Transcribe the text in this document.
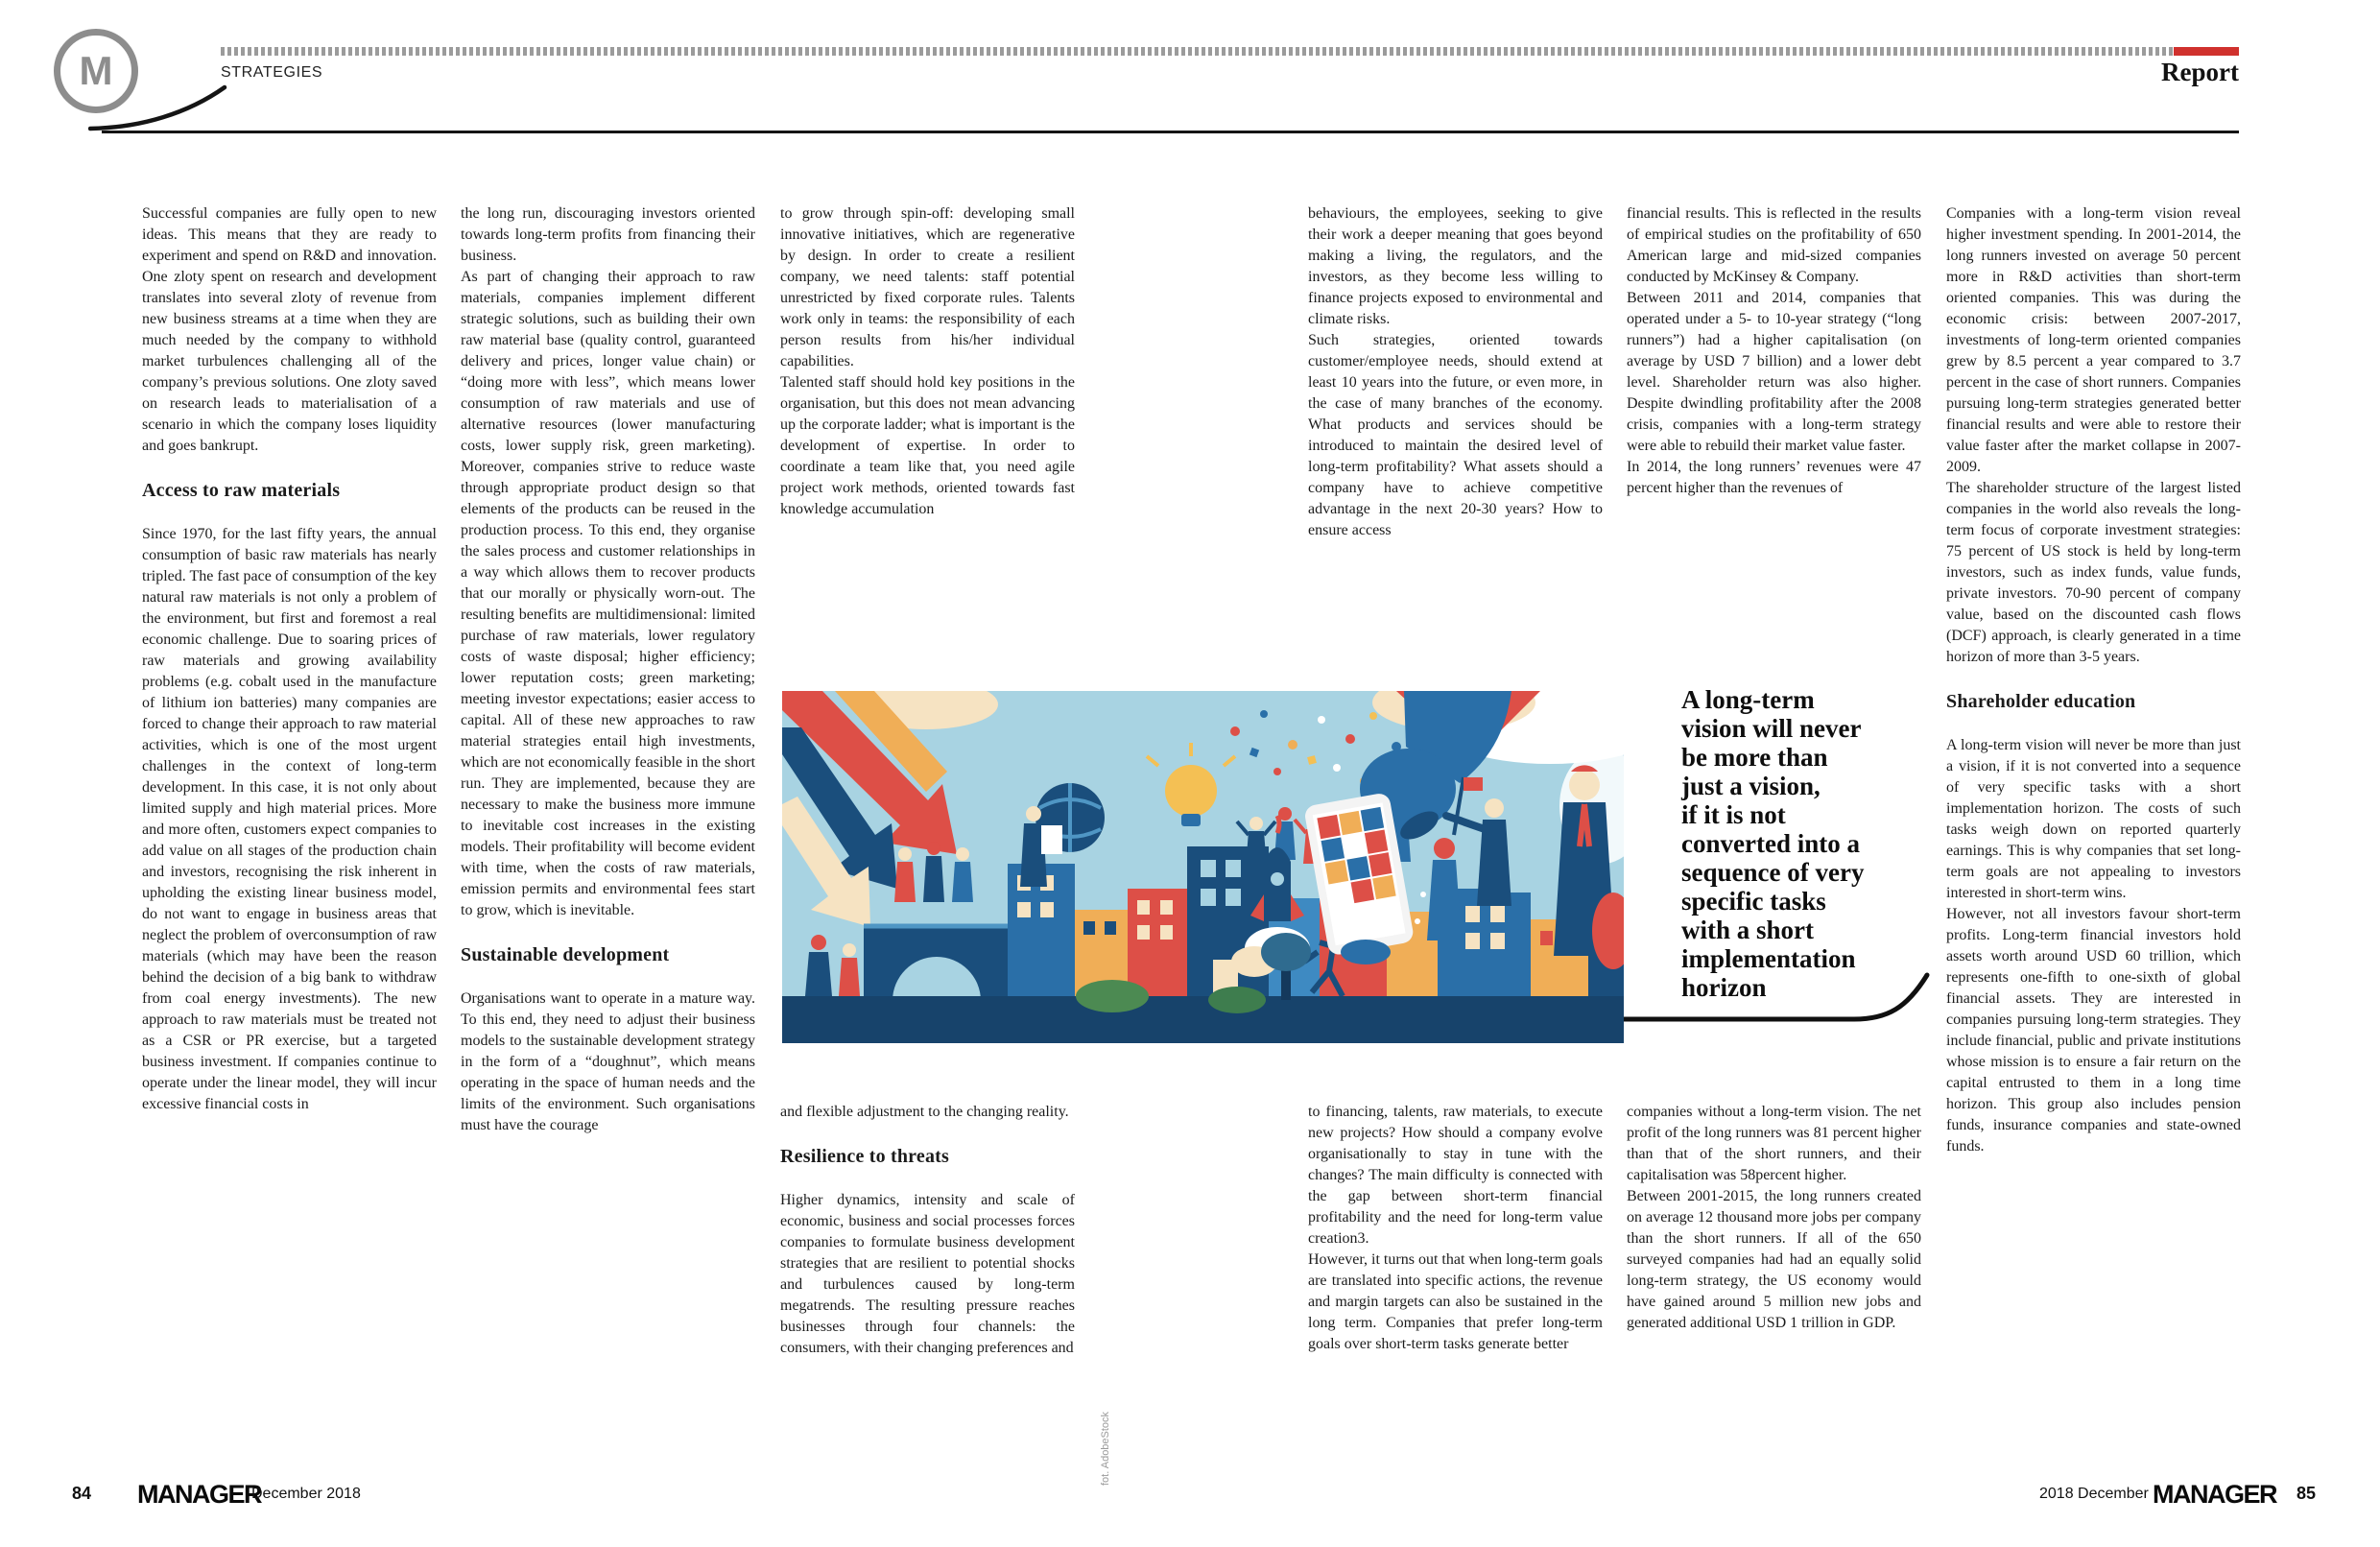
M	STRATEGIES	Report

Successful companies are fully open to new ideas. This means that they are ready to experiment and spend on R&D and innovation. One zloty spent on research and development translates into several zloty of revenue from new business streams at a time when they are much needed by the company to withhold market turbulences challenging all of the company’s previous solutions. One zloty saved on research leads to materialisation of a scenario in which the company loses liquidity and goes bankrupt.

Access to raw materials

Since 1970, for the last fifty years, the annual consumption of basic raw materials has nearly tripled. The fast pace of consumption of the key natural raw materials is not only a problem of the environment, but first and foremost a real economic challenge. Due to soaring prices of raw materials and growing availability problems (e.g. cobalt used in the manufacture of lithium ion batteries) many companies are forced to change their approach to raw material activities, which is one of the most urgent challenges in the context of long-term development. In this case, it is not only about limited supply and high material prices. More and more often, customers expect companies to add value on all stages of the production chain and investors, recognising the risk inherent in upholding the existing linear business model, do not want to engage in business areas that neglect the problem of overconsumption of raw materials (which may have been the reason behind the decision of a big bank to withdraw from coal energy investments). The new approach to raw materials must be treated not as a CSR or PR exercise, but a targeted business investment. If companies continue to operate under the linear model, they will incur excessive financial costs in

the long run, discouraging investors oriented towards long-term profits from financing their business.

As part of changing their approach to raw materials, companies implement different strategic solutions, such as building their own raw material base (quality control, guaranteed delivery and prices, longer value chain) or “doing more with less”, which means lower consumption of raw materials and use of alternative resources (lower manufacturing costs, lower supply risk, green marketing). Moreover, companies strive to reduce waste through appropriate product design so that elements of the products can be reused in the production process. To this end, they organise the sales process and customer relationships in a way which allows them to recover products that our morally or physically worn-out. The resulting benefits are multidimensional: limited purchase of raw materials, lower regulatory costs of waste disposal; higher efficiency; lower reputation costs; green marketing; meeting investor expectations; easier access to capital. All of these new approaches to raw material strategies entail high investments, which are not economically feasible in the short run. They are implemented, because they are necessary to make the business more immune to inevitable cost increases in the existing models. Their profitability will become evident with time, when the costs of raw materials, emission permits and environmental fees start to grow, which is inevitable.

Sustainable development

Organisations want to operate in a mature way. To this end, they need to adjust their business models to the sustainable development strategy in the form of a “doughnut”, which means operating in the space of human needs and the limits of the environment. Such organisations must have the courage

to grow through spin-off: developing small innovative initiatives, which are regenerative by design. In order to create a resilient company, we need talents: staff potential unrestricted by fixed corporate rules. Talents work only in teams: the responsibility of each person results from his/her individual capabilities.

Talented staff should hold key positions in the organisation, but this does not mean advancing up the corporate ladder; what is important is the development of expertise. In order to coordinate a team like that, you need agile project work methods, oriented towards fast knowledge accumulation

and flexible adjustment to the changing reality.

Resilience to threats

Higher dynamics, intensity and scale of economic, business and social processes forces companies to formulate business development strategies that are resilient to potential shocks and turbulences caused by long-term megatrends. The resulting pressure reaches businesses through four channels: the consumers, with their changing preferences and

behaviours, the employees, seeking to give their work a deeper meaning that goes beyond making a living, the regulators, and the investors, as they become less willing to finance projects exposed to environmental and climate risks.

Such strategies, oriented towards customer/employee needs, should extend at least 10 years into the future, or even more, in the case of many branches of the economy. What products and services should be introduced to maintain the desired level of long-term profitability? What assets should a company have to achieve competitive advantage in the next 20-30 years? How to ensure access

to financing, talents, raw materials, to execute new projects? How should a company evolve organisationally to stay in tune with the changes? The main difficulty is connected with the gap between short-term financial profitability and the need for long-term value creation3.

However, it turns out that when long-term goals are translated into specific actions, the revenue and margin targets can also be sustained in the long term. Companies that prefer long-term goals over short-term tasks generate better

financial results. This is reflected in the results of empirical studies on the profitability of 650 American large and mid-sized companies conducted by McKinsey & Company.

Between 2011 and 2014, companies that operated under a 5- to 10-year strategy (“long runners”) had a higher capitalisation (on average by USD 7 billion) and a lower debt level. Shareholder return was also higher. Despite dwindling profitability after the 2008 crisis, companies with a long-term strategy were able to rebuild their market value faster.

In 2014, the long runners’ revenues were 47 percent higher than the revenues of

A long-term
vision will never
be more than
just a vision,
if it is not
converted into a
sequence of very
specific tasks
with a short
implementation
horizon

companies without a long-term vision. The net profit of the long runners was 81 percent higher than that of the short runners, and their capitalisation was 58percent higher.

Between 2001-2015, the long runners created on average 12 thousand more jobs per company than the short runners. If all of the 650 surveyed companies had had an equally solid long-term strategy, the US economy would have gained around 5 million new jobs and generated additional USD 1 trillion in GDP.

Companies with a long-term vision reveal higher investment spending. In 2001-2014, the long runners invested on average 50 percent more in R&D activities than short-term oriented companies. This was during the economic crisis: between 2007-2017, investments of long-term oriented companies grew by 8.5 percent a year compared to 3.7 percent in the case of short runners. Companies pursuing long-term strategies generated better financial results and were able to restore their value faster after the market collapse in 2007-2009.

The shareholder structure of the largest listed companies in the world also reveals the long-term focus of corporate investment strategies: 75 percent of US stock is held by long-term investors, such as index funds, value funds, private investors. 70-90 percent of company value, based on the discounted cash flows (DCF) approach, is clearly generated in a time horizon of more than 3-5 years.

Shareholder education

A long-term vision will never be more than just a vision, if it is not converted into a sequence of very specific tasks with a short implementation horizon. The costs of such tasks weigh down on reported quarterly earnings. This is why companies that set long-term goals are not appealing to investors interested in short-term wins.

However, not all investors favour short-term profits. Long-term financial investors hold assets worth around USD 60 trillion, which represents one-fifth to one-sixth of global financial assets. They are interested in companies pursuing long-term strategies. They include financial, public and private institutions whose mission is to ensure a fair return on the capital entrusted to them in a long time horizon. This group also includes pension funds, insurance companies and state-owned funds.

fot. AdobeStock
84 MANAGER
December 2018	2018 December MANAGER 85
